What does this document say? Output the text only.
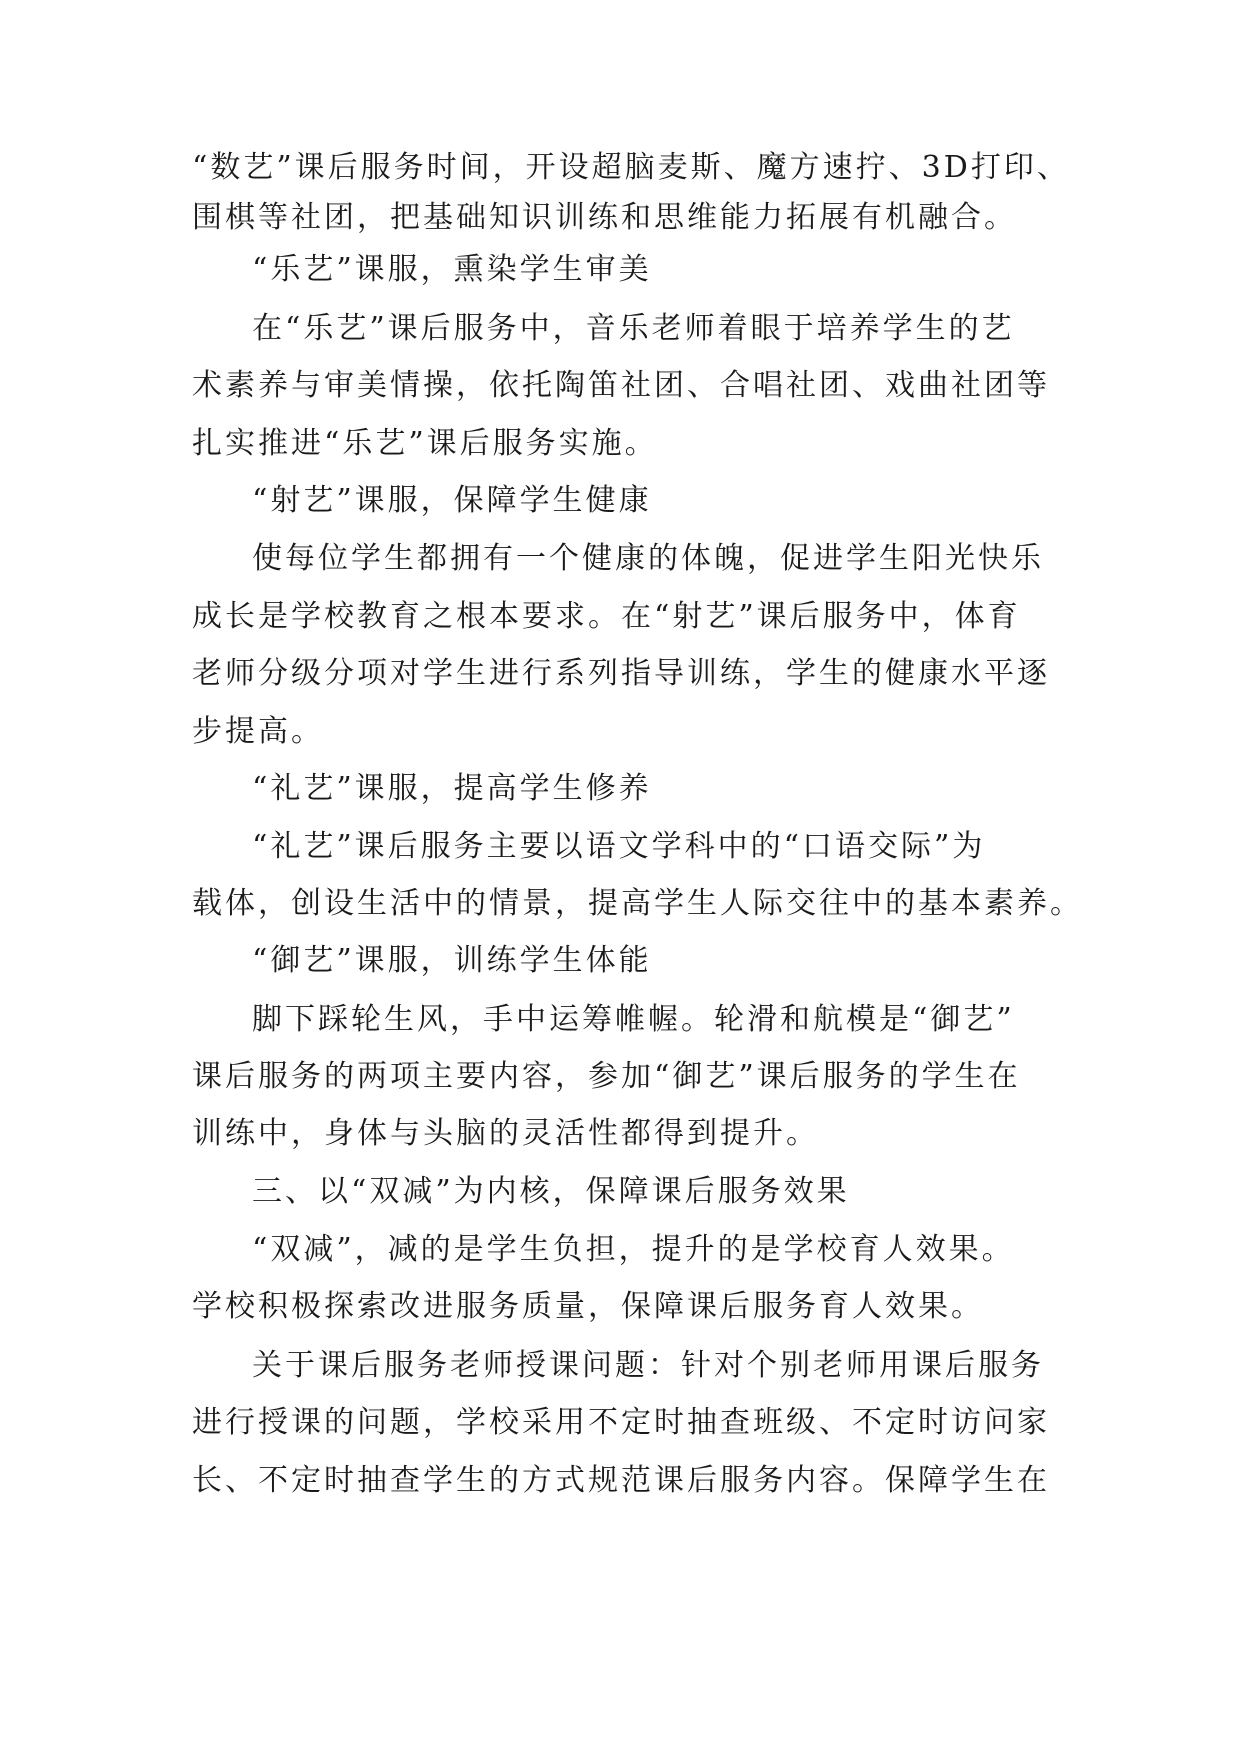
“数艺”课后服务时间，开设超脑麦斯、魔方速拧、3D打印、
围棋等社团，把基础知识训练和思维能力拓展有机融合。
“乐艺”课服，熏染学生审美
在“乐艺”课后服务中，音乐老师着眼于培养学生的艺
术素养与审美情操，依托陶笛社团、合唱社团、戏曲社团等
扎实推进“乐艺”课后服务实施。
“射艺”课服，保障学生健康
使每位学生都拥有一个健康的体魄，促进学生阳光快乐
成长是学校教育之根本要求。在“射艺”课后服务中，体育
老师分级分项对学生进行系列指导训练，学生的健康水平逐
步提高。
“礼艺”课服，提高学生修养
“礼艺”课后服务主要以语文学科中的“口语交际”为
载体，创设生活中的情景，提高学生人际交往中的基本素养。
“御艺”课服，训练学生体能
脚下踩轮生风，手中运筹帷幄。轮滑和航模是“御艺”
课后服务的两项主要内容，参加“御艺”课后服务的学生在
训练中，身体与头脑的灵活性都得到提升。
三、以“双减”为内核，保障课后服务效果
“双减”，减的是学生负担，提升的是学校育人效果。
学校积极探索改进服务质量，保障课后服务育人效果。
关于课后服务老师授课问题：针对个别老师用课后服务
进行授课的问题，学校采用不定时抽查班级、不定时访问家
长、不定时抽查学生的方式规范课后服务内容。保障学生在
